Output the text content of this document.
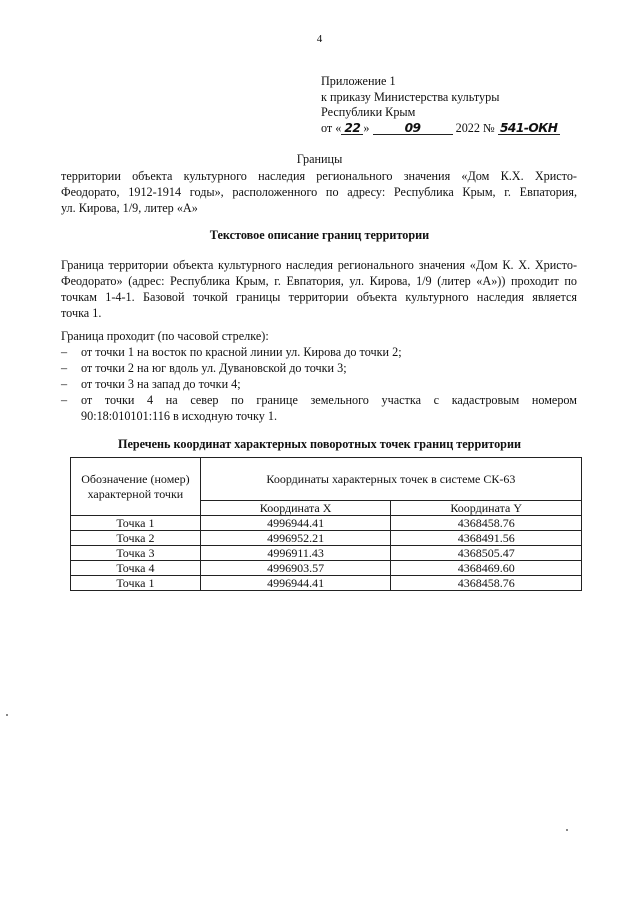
4
Приложение 1
к приказу Министерства культуры
Республики Крым
от « 22 »	09	2022 № 541-ОКН
Границы
территории объекта культурного наследия регионального значения «Дом К.Х. Христо-
Феодорато, 1912-1914 годы», расположенного по адресу: Республика Крым, г. Евпатория,
ул. Кирова, 1/9, литер «А»
Текстовое описание границ территории
Граница территории объекта культурного наследия регионального значения «Дом К. Х. Христо-
Феодорато» (адрес: Республика Крым, г. Евпатория, ул. Кирова, 1/9 (литер «А»)) проходит по
точкам 1-4-1. Базовой точкой границы территории объекта культурного наследия является
точка 1.
Граница проходит (по часовой стрелке):
– от точки 1 на восток по красной линии ул. Кирова до точки 2;
– от точки 2 на юг вдоль ул. Дувановской до точки 3;
– от точки 3 на запад до точки 4;
– от точки 4 на север по границе земельного участка с кадастровым номером
90:18:010101:116 в исходную точку 1.
Перечень координат характерных поворотных точек границ территории
Обозначение (номер) характерной точки	Координаты характерных точек в системе СК-63	
	Координата X	Координата Y
Точка 1	4996944.41	4368458.76
Точка 2	4996952.21	4368491.56
Точка 3	4996911.43	4368505.47
Точка 4	4996903.57	4368469.60
Точка 1	4996944.41	4368458.76
